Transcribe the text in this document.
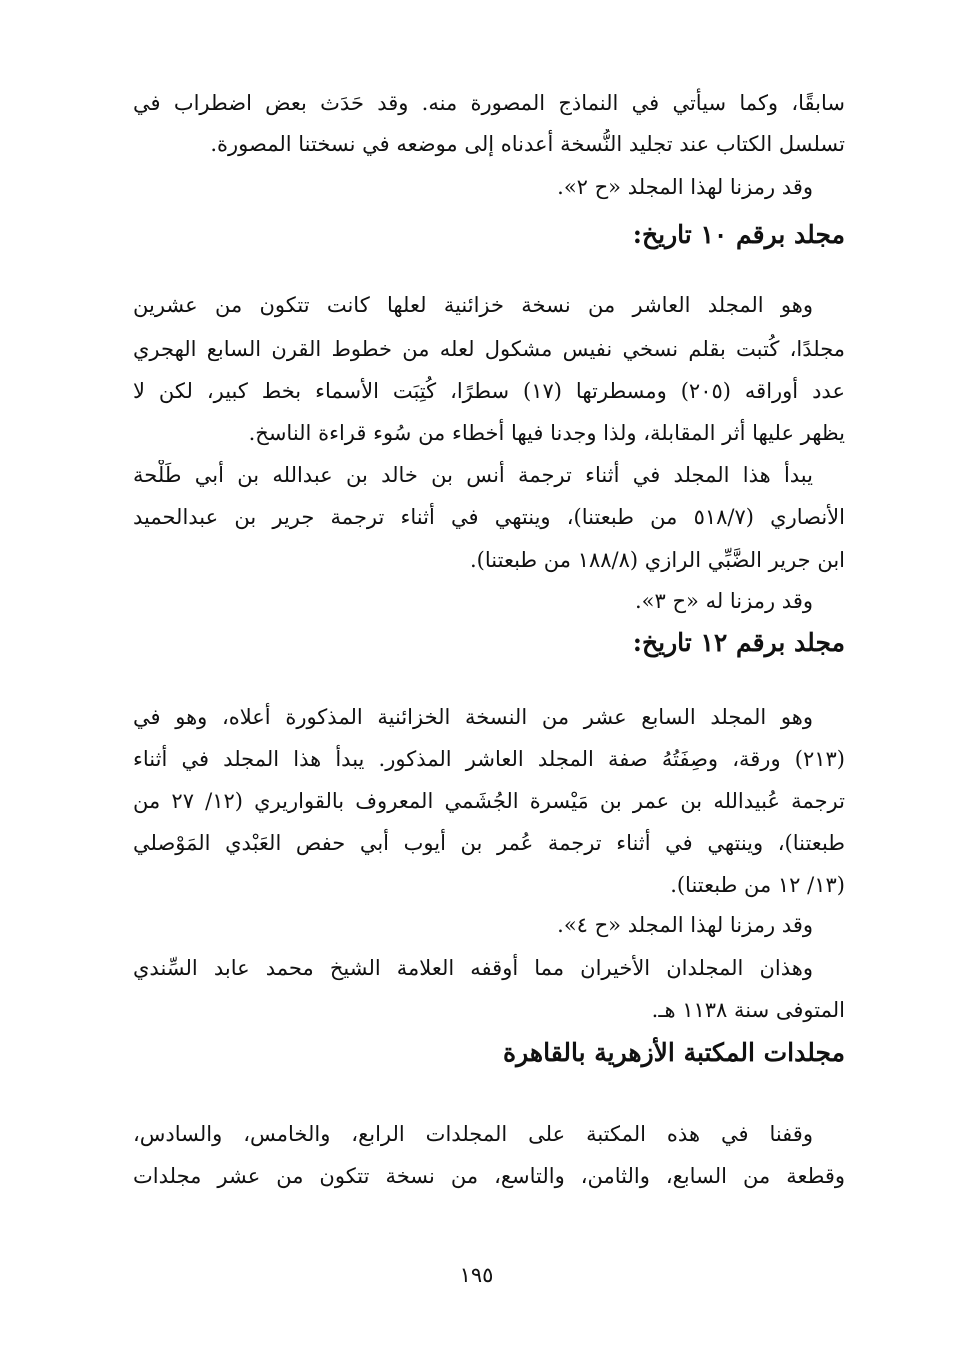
سابقًا، وكما سيأتي في النماذج المصورة منه. وقد حَدَث بعض اضطراب في
تسلسل الكتاب عند تجليد النُّسخة أعدناه إلى موضعه في نسختنا المصورة.
وقد رمزنا لهذا المجلد «ح ٢».
مجلد برقم ١٠ تاريخ:
وهو المجلد العاشر من نسخة خزائنية لعلها كانت تتكون من عشرين
مجلدًا، كُتبت بقلم نسخي نفيس مشكول لعله من خطوط القرن السابع الهجري
عدد أوراقه (٢٠٥) ومسطرتها (١٧) سطرًا، كُتِبَت الأسماء بخط كبير، لكن لا
يظهر عليها أثر المقابلة، ولذا وجدنا فيها أخطاء من سُوء قراءة الناسخ.
يبدأ هذا المجلد في أثناء ترجمة أنس بن خالد بن عبدالله بن أبي طَلْحة
الأنصاري (٥١٨/٧ من طبعتنا)، وينتهي في أثناء ترجمة جرير بن عبدالحميد
ابن جرير الضَّبِّي الرازي (١٨٨/٨ من طبعتنا).
وقد رمزنا له «ح ٣».
مجلد برقم ١٢ تاريخ:
وهو المجلد السابع عشر من النسخة الخزائنية المذكورة أعلاه، وهو في
(٢١٣) ورقة، وصِفَتُهُ صفة المجلد العاشر المذكور. يبدأ هذا المجلد في أثناء
ترجمة عُبيدالله بن عمر بن مَيْسرة الجُشَمي المعروف بالقواريري (١٢/ ٢٧ من
طبعتنا)، وينتهي في أثناء ترجمة عُمر بن أيوب أبي حفص العَبْدي المَوْصلي
(١٣/ ١٢ من طبعتنا).
وقد رمزنا لهذا المجلد «ح ٤».
وهذان المجلدان الأخيران مما أوقفه العلامة الشيخ محمد عابد السِّندي
المتوفى سنة ١١٣٨ هـ.
مجلدات المكتبة الأزهرية بالقاهرة
وقفنا في هذه المكتبة على المجلدات الرابع، والخامس، والسادس،
وقطعة من السابع، والثامن، والتاسع، من نسخة تتكون من عشر مجلدات
١٩٥
